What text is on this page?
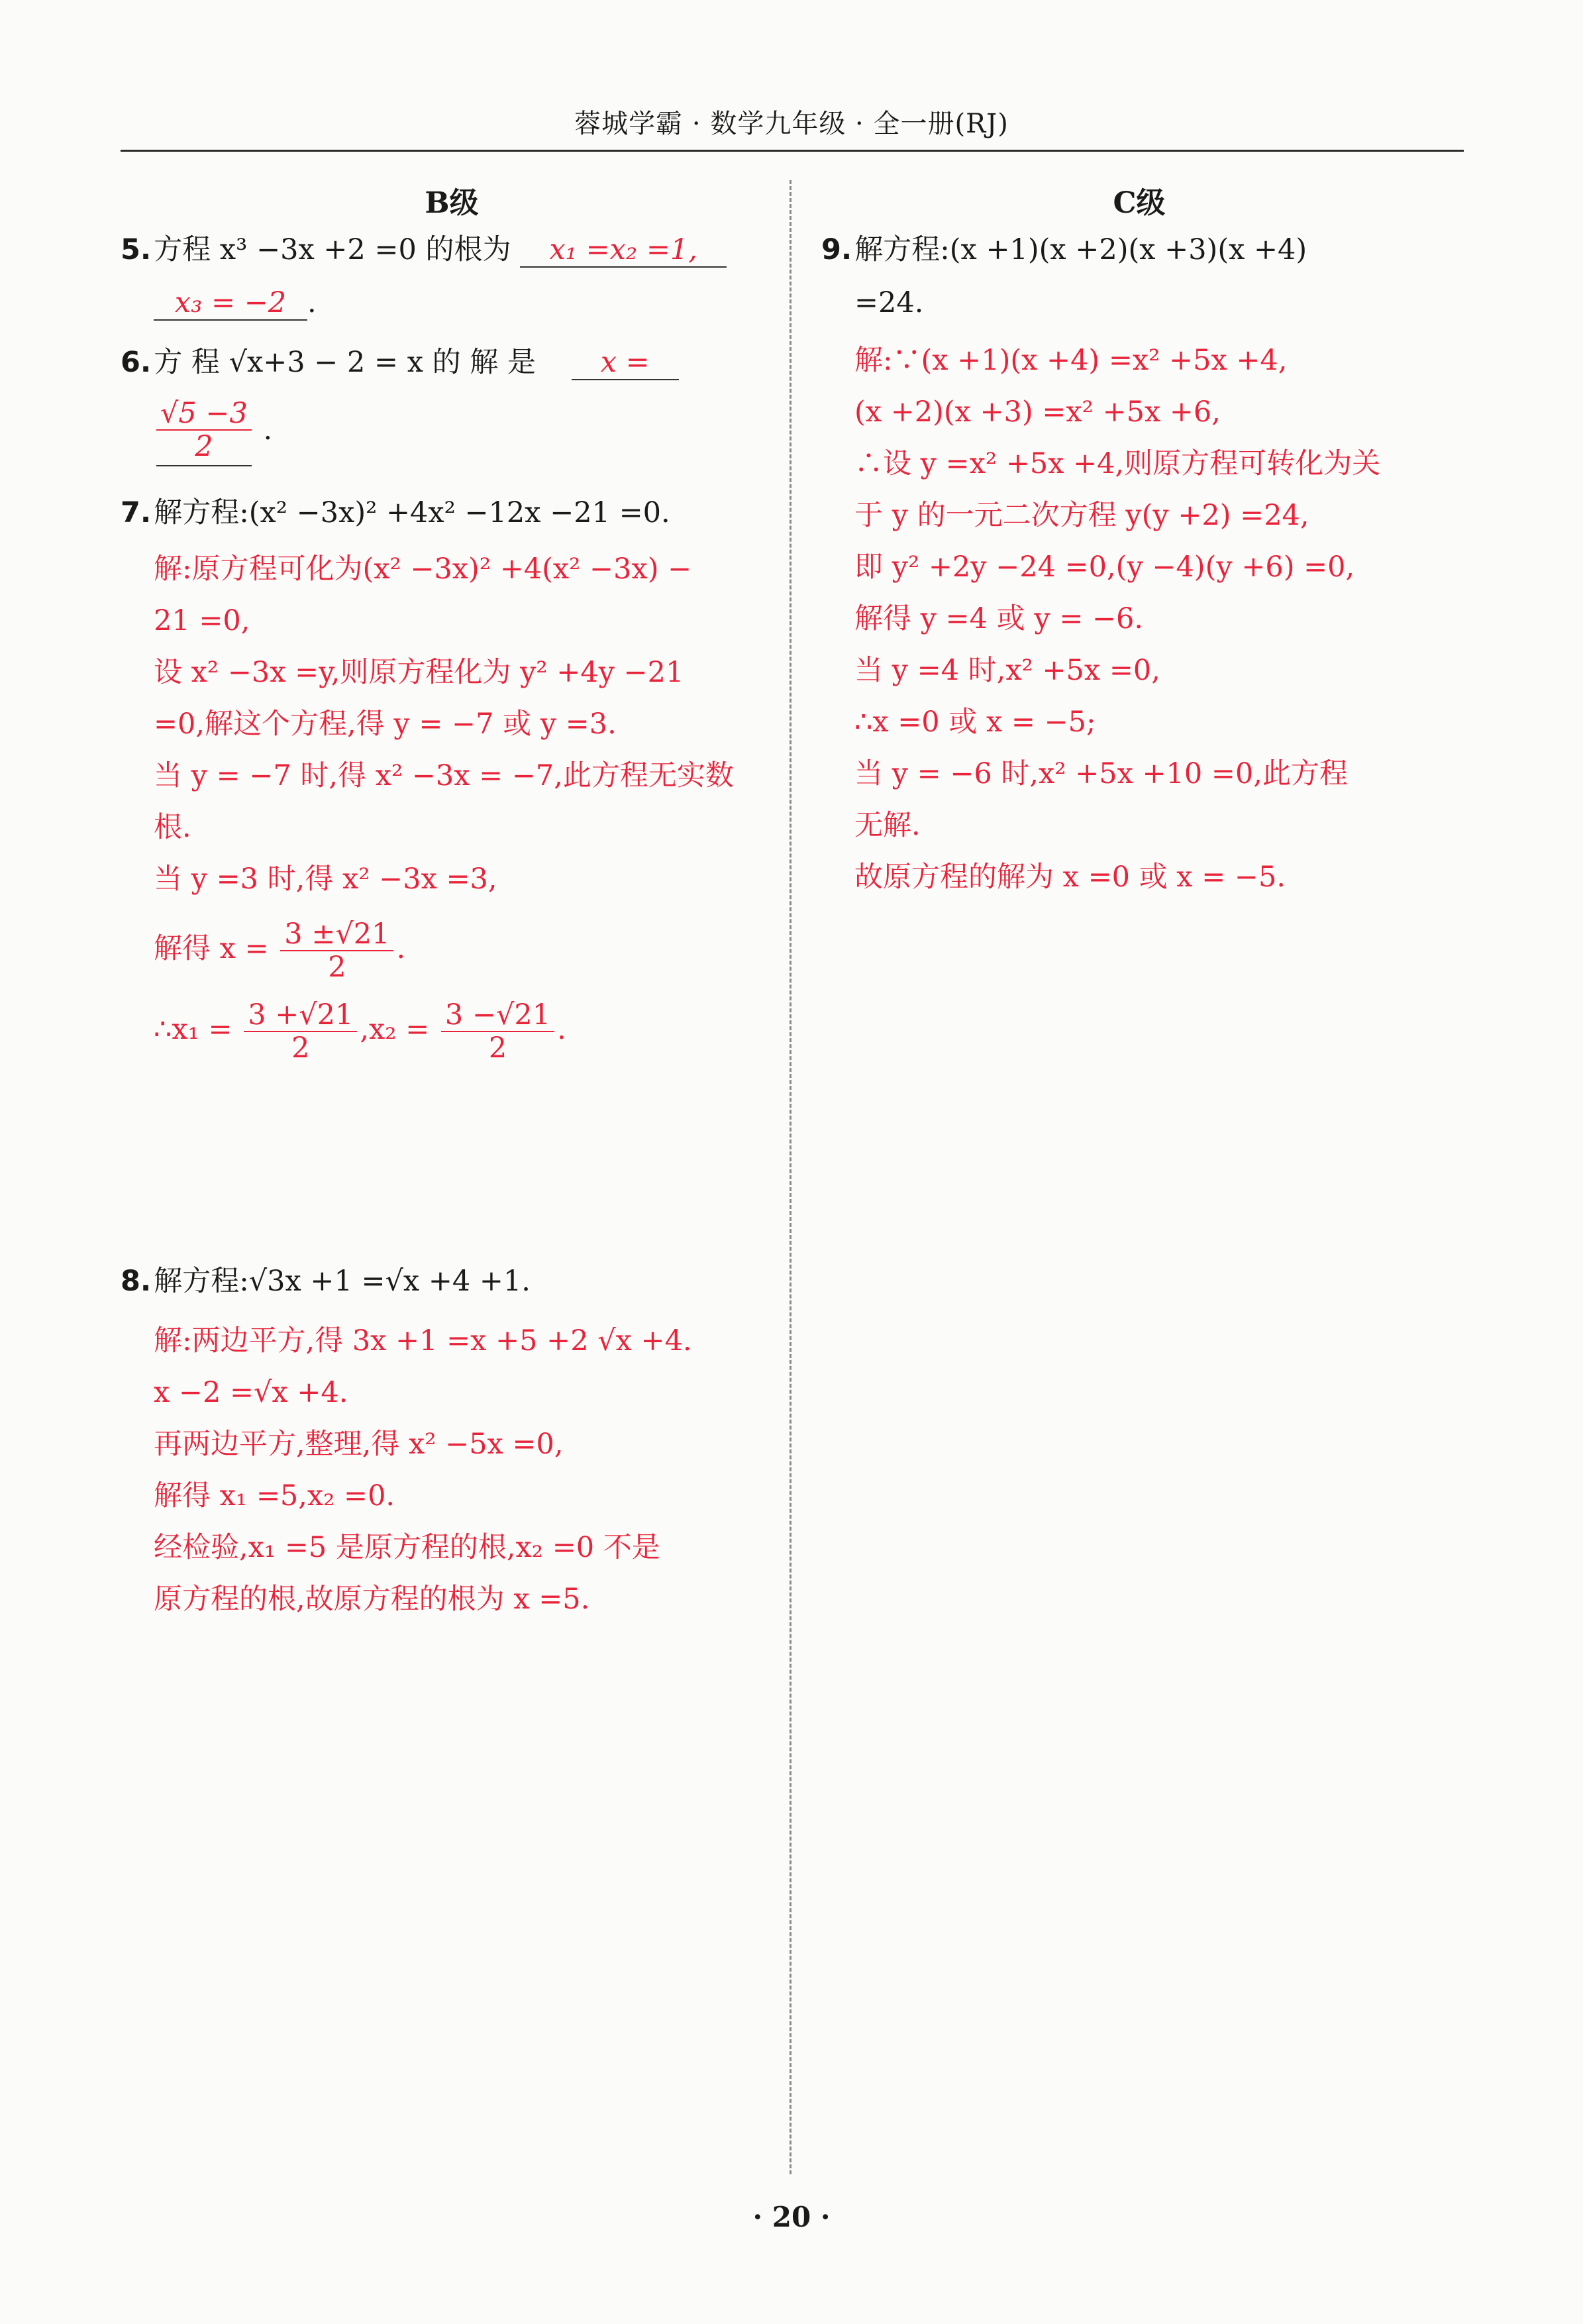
蓉城学霸 · 数学九年级 · 全一册(RJ)
B级
5.方程 x³ −3x +2 =0 的根为 x₁ =x₂ =1,
x₃ = −2 .
6.方 程 √x+3 − 2 = x 的 解 是 x =
$\frac{√5 -3}{2}$ .
7.解方程:(x² −3x)² +4x² −12x −21 =0.
解:原方程可化为(x² −3x)² +4(x² −3x) −
21 =0,
设 x² −3x =y,则原方程化为 y² +4y −21
=0,解这个方程,得 y = −7 或 y =3.
当 y = −7 时,得 x² −3x = −7,此方程无实数
根.
当 y =3 时,得 x² −3x =3,
解得 $x = \frac{3 \pm√21}{2}$ .
∴x₁ = $\frac{3 +√21}{2} ,x_2 = \frac{3 -√21}{2}$ .
8.解方程:√3x +1 =√x +4 +1.
解:两边平方,得 3x +1 =x +5 +2 √x +4.
x −2 =√x +4.
再两边平方,整理,得 x² −5x =0,
解得 x₁ =5,x₂ =0.
经检验,x₁ =5 是原方程的根,x₂ =0 不是
原方程的根,故原方程的根为 x =5.
C级
9.解方程:(x +1)(x +2)(x +3)(x +4)
=24.
解:∵(x +1)(x +4) =x² +5x +4,
(x +2)(x +3) =x² +5x +6,
∴设 y =x² +5x +4,则原方程可转化为关
于 y 的一元二次方程 y(y +2) =24,
即 y² +2y −24 =0,(y −4)(y +6) =0,
解得 y =4 或 y = −6.
当 y =4 时,x² +5x =0,
∴x =0 或 x = −5;
当 y = −6 时,x² +5x +10 =0,此方程
无解.
故原方程的解为 x =0 或 x = −5.
· 20 ·
